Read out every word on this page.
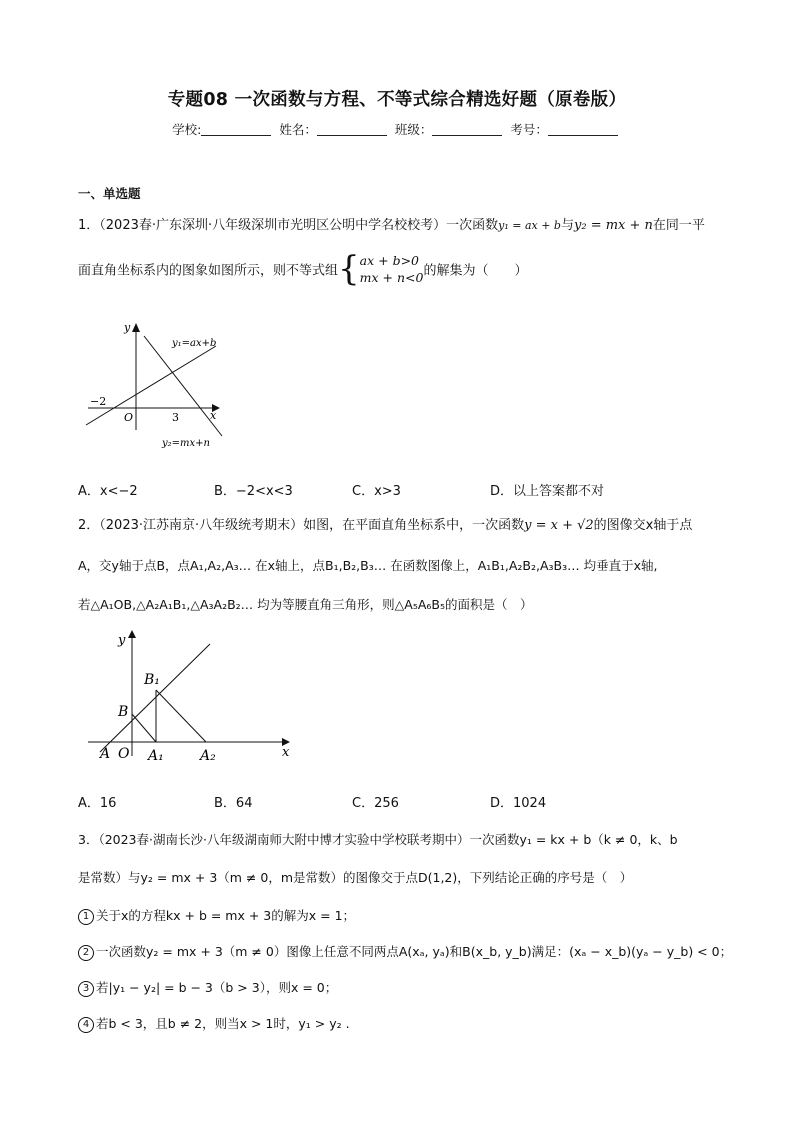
专题08 一次函数与方程、不等式综合精选好题（原卷版）
学校:	姓名：	班级：	考号：
一、单选题
1．（2023春·广东深圳·八年级深圳市光明区公明中学名校校考）一次函数y₁ = ax + b与y₂ = mx + n在同一平
面直角坐标系内的图象如图所示，则不等式组{ax + b>0
mx + n<0的解集为（　　）
y
x
O
−2
3
y₁=ax+b
y₂=mx+n
A．x<−2	B．−2<x<3	C．x>3	D．以上答案都不对
2．（2023·江苏南京·八年级统考期末）如图，在平面直角坐标系中，一次函数y = x + √2的图像交x轴于点
A，交y轴于点B，点A₁,A₂,A₃… 在x轴上，点B₁,B₂,B₃… 在函数图像上，A₁B₁,A₂B₂,A₃B₃… 均垂直于x轴,
若△A₁OB,△A₂A₁B₁,△A₃A₂B₂… 均为等腰直角三角形，则△A₅A₆B₅的面积是（　）
y
x
O
A
B
B₁
A₁	A₂
A．16	B．64	C．256	D．1024
3．（2023春·湖南长沙·八年级湖南师大附中博才实验中学校联考期中）一次函数y₁ = kx + b（k ≠ 0，k、b
是常数）与y₂ = mx + 3（m ≠ 0，m是常数）的图像交于点D(1,2)，下列结论正确的序号是（　）
1 关于x的方程kx + b = mx + 3的解为x = 1；
2 一次函数y₂ = mx + 3（m ≠ 0）图像上任意不同两点A(xₐ, yₐ)和B(x_b, y_b)满足：(xₐ − x_b)(yₐ − y_b) < 0；
3 若|y₁ − y₂| = b − 3（b > 3），则x = 0；
4 若b < 3，且b ≠ 2，则当x > 1时，y₁ > y₂ .
